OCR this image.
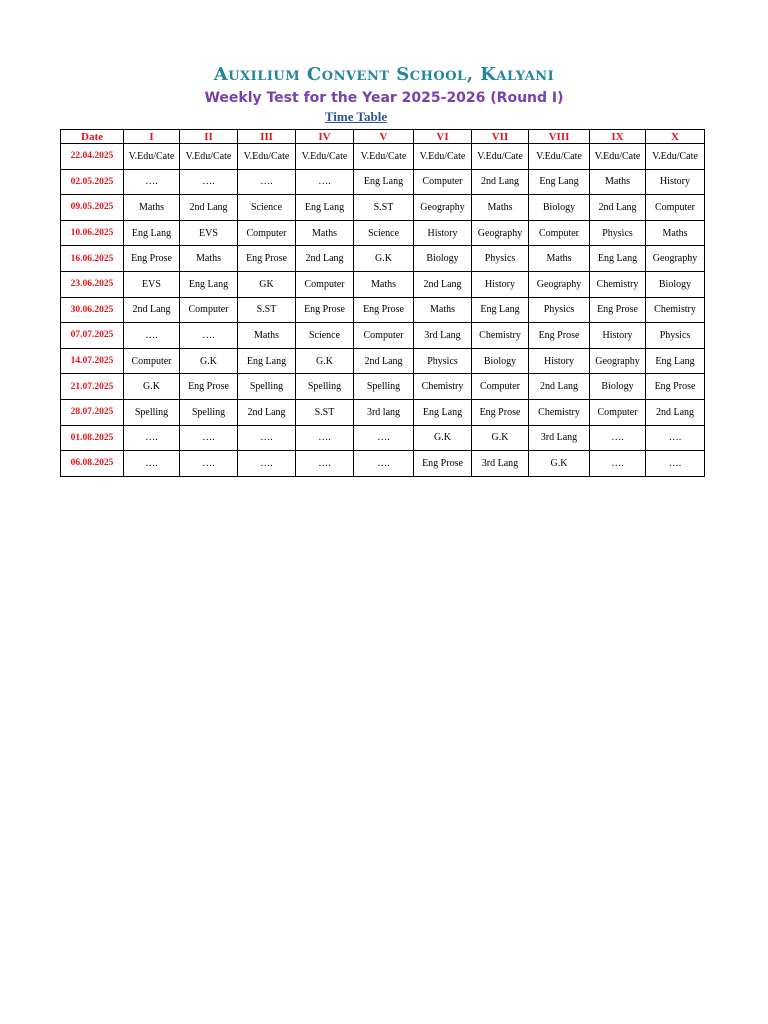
Auxilium Convent School, Kalyani
Weekly Test for the Year 2025-2026 (Round I)
Time Table
Date	I	II	III	IV	V	VI	VII	VIII	IX	X
22.04.2025	V.Edu/Cate	V.Edu/Cate	V.Edu/Cate	V.Edu/Cate	V.Edu/Cate	V.Edu/Cate	V.Edu/Cate	V.Edu/Cate	V.Edu/Cate	V.Edu/Cate
02.05.2025	….	….	….	….	Eng Lang	Computer	2nd Lang	Eng Lang	Maths	History
09.05.2025	Maths	2nd Lang	Science	Eng Lang	S.ST	Geography	Maths	Biology	2nd Lang	Computer
10.06.2025	Eng Lang	EVS	Computer	Maths	Science	History	Geography	Computer	Physics	Maths
16.06.2025	Eng Prose	Maths	Eng Prose	2nd Lang	G.K	Biology	Physics	Maths	Eng Lang	Geography
23.06.2025	EVS	Eng Lang	GK	Computer	Maths	2nd Lang	History	Geography	Chemistry	Biology
30.06.2025	2nd Lang	Computer	S.ST	Eng Prose	Eng Prose	Maths	Eng Lang	Physics	Eng Prose	Chemistry
07.07.2025	….	….	Maths	Science	Computer	3rd Lang	Chemistry	Eng Prose	History	Physics
14.07.2025	Computer	G.K	Eng Lang	G.K	2nd Lang	Physics	Biology	History	Geography	Eng Lang
21.07.2025	G.K	Eng Prose	Spelling	Spelling	Spelling	Chemistry	Computer	2nd Lang	Biology	Eng Prose
28.07.2025	Spelling	Spelling	2nd Lang	S.ST	3rd lang	Eng Lang	Eng Prose	Chemistry	Computer	2nd Lang
01.08.2025	….	….	….	….	….	G.K	G.K	3rd Lang	….	….
06.08.2025	….	….	….	….	….	Eng Prose	3rd Lang	G.K	….	….
